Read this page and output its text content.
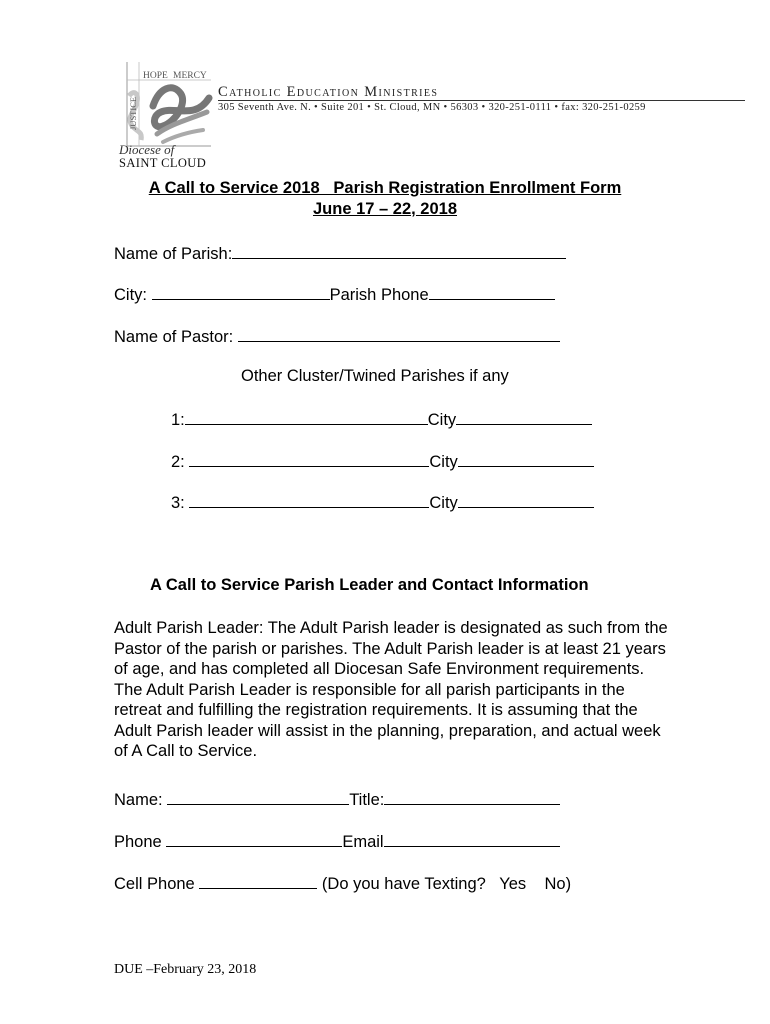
HOPE MERCY
JUSTICE
Diocese of
SAINT CLOUD
Catholic Education Ministries
305 Seventh Ave. N. • Suite 201 • St. Cloud, MN • 56303 • 320-251-0111 • fax: 320-251-0259
A Call to Service 2018   Parish Registration Enrollment Form
June 17 – 22, 2018
Name of Parish:
City:	Parish Phone
Name of Pastor:
Other Cluster/Twined Parishes if any
1:	City
2:	City
3:	City
A Call to Service Parish Leader and Contact Information
Adult Parish Leader: The Adult Parish leader is designated as such from the Pastor of the parish or parishes. The Adult Parish leader is at least 21 years of age, and has completed all Diocesan Safe Environment requirements. The Adult Parish Leader is responsible for all parish participants in the retreat and fulfilling the registration requirements. It is assuming that the Adult Parish leader will assist in the planning, preparation, and actual week of A Call to Service.
Name:	Title:
Phone	Email
Cell Phone	(Do you have Texting?   Yes    No)
DUE –February 23, 2018
